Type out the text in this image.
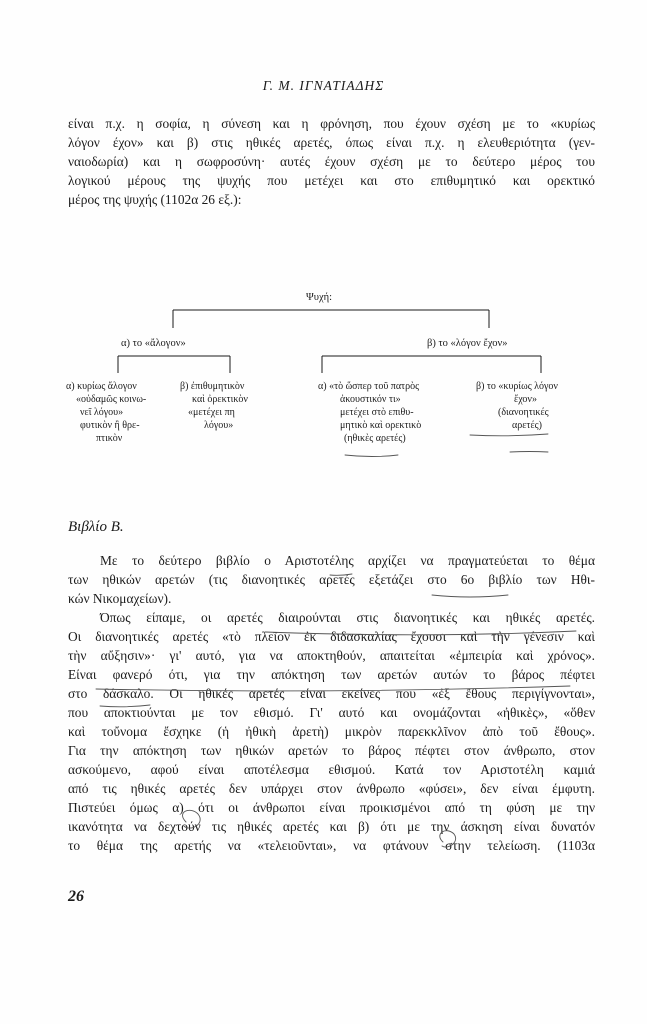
Γ. Μ. ΙΓΝΑΤΙΑΔΗΣ
είναι π.χ. η σοφία, η σύνεση και η φρόνηση, που έχουν σχέση με το «κυρίως
λόγον έχον» και β) στις ηθικές αρετές, όπως είναι π.χ. η ελευθεριότητα (γεν-
ναιοδωρία) και η σωφροσύνη· αυτές έχουν σχέση με το δεύτερο μέρος του
λογικού μέρους της ψυχής που μετέχει και στο επιθυμητικό και ορεκτικό
μέρος της ψυχής (1102α 26 εξ.):
Ψυχή:
α) το «ἄλογον»	β) το «λόγον ἔχον»
α) κυρίως ἄλογον
«οὐδαμῶς κοινω-
νεῖ λόγου»
φυτικὸν ἢ θρε-
πτικὸν
β) ἐπιθυμητικὸν
καὶ ὀρεκτικὸν
«μετέχει πη
λόγου»
α) «τὸ ὥσπερ τοῦ πατρὸς
ἀκουστικόν τι»
μετέχει στὸ επιθυ-
μητικὸ καὶ ορεκτικὸ
(ηθικὲς αρετές)
β) το «κυρίως λόγον
ἔχον»
(διανοητικές
αρετές)
Βιβλίο Β.
Με το δεύτερο βιβλίο ο Αριστοτέλης αρχίζει να πραγματεύεται το θέμα
των ηθικών αρετών (τις διανοητικές αρετές εξετάζει στο 6ο βιβλίο των Ηθι-
κών Νικομαχείων).
Όπως είπαμε, οι αρετές διαιρούνται στις διανοητικές και ηθικές αρετές.
Οι διανοητικές αρετές «τὸ πλεῖον ἐκ διδασκαλίας ἔχουσι καὶ τὴν γένεσιν καὶ
τὴν αὔξησιν»· γι' αυτό, για να αποκτηθούν, απαιτείται «ἐμπειρία καὶ χρόνος».
Είναι φανερό ότι, για την απόκτηση των αρετών αυτών το βάρος πέφτει
στο δάσκαλο. Οι ηθικές αρετές είναι εκείνες που «ἐξ ἔθους περιγίγνονται»,
που αποκτιούνται με τον εθισμό. Γι' αυτό και ονομάζονται «ἠθικὲς», «ὅθεν
καὶ τοὔνομα ἔσχηκε (ἡ ἠθικὴ ἀρετὴ) μικρὸν παρεκκλῖνον ἀπὸ τοῦ ἔθους».
Για την απόκτηση των ηθικών αρετών το βάρος πέφτει στον άνθρωπο, στον
ασκούμενο, αφού είναι αποτέλεσμα εθισμού. Κατά τον Αριστοτέλη καμιά
από τις ηθικές αρετές δεν υπάρχει στον άνθρωπο «φύσει», δεν είναι έμφυτη.
Πιστεύει όμως α) ότι οι άνθρωποι είναι προικισμένοι από τη φύση με την
ικανότητα να δεχτούν τις ηθικές αρετές και β) ότι με την άσκηση είναι δυνατόν
το θέμα της αρετής να «τελειοῦνται», να φτάνουν στην τελείωση. (1103α
26
